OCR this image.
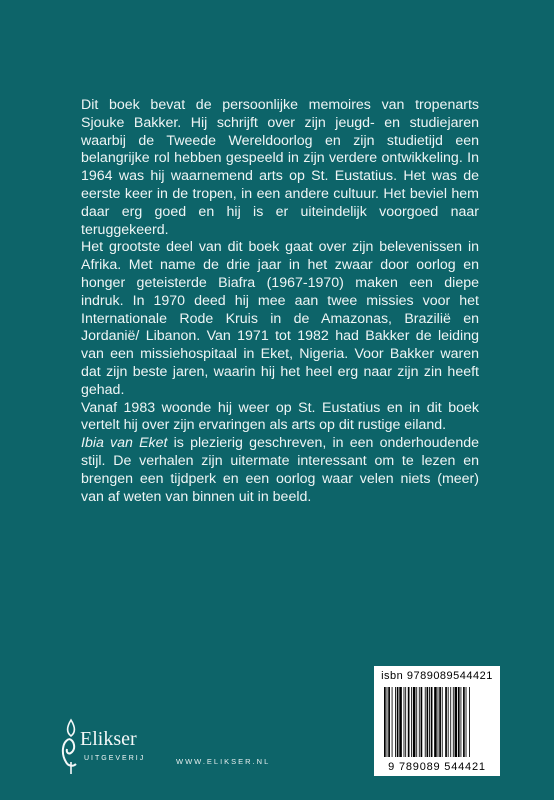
Dit boek bevat de persoonlijke memoires van tropenarts Sjouke Bakker. Hij schrijft over zijn jeugd- en studiejaren waarbij de Tweede Wereldoorlog en zijn studietijd een belangrijke rol hebben gespeeld in zijn verdere ontwikkeling. In 1964 was hij waarnemend arts op St. Eustatius. Het was de eerste keer in de tropen, in een andere cultuur. Het beviel hem daar erg goed en hij is er uiteindelijk voorgoed naar teruggekeerd.

Het grootste deel van dit boek gaat over zijn belevenissen in Afrika. Met name de drie jaar in het zwaar door oorlog en honger geteisterde Biafra (1967-1970) maken een diepe indruk. In 1970 deed hij mee aan twee missies voor het Internationale Rode Kruis in de Amazonas, Brazilië en Jordanië/ Libanon. Van 1971 tot 1982 had Bakker de leiding van een missiehospitaal in Eket, Nigeria. Voor Bakker waren dat zijn beste jaren, waarin hij het heel erg naar zijn zin heeft gehad.

Vanaf 1983 woonde hij weer op St. Eustatius en in dit boek vertelt hij over zijn ervaringen als arts op dit rustige eiland.

Ibia van Eket is plezierig geschreven, in een onderhoudende stijl. De verhalen zijn uitermate interessant om te lezen en brengen een tijdperk en een oorlog waar velen niets (meer) van af weten van binnen uit in beeld.

Elikser
UITGEVERIJ	WWW.ELIKSER.NL
isbn 9789089544421
9 789089 544421
